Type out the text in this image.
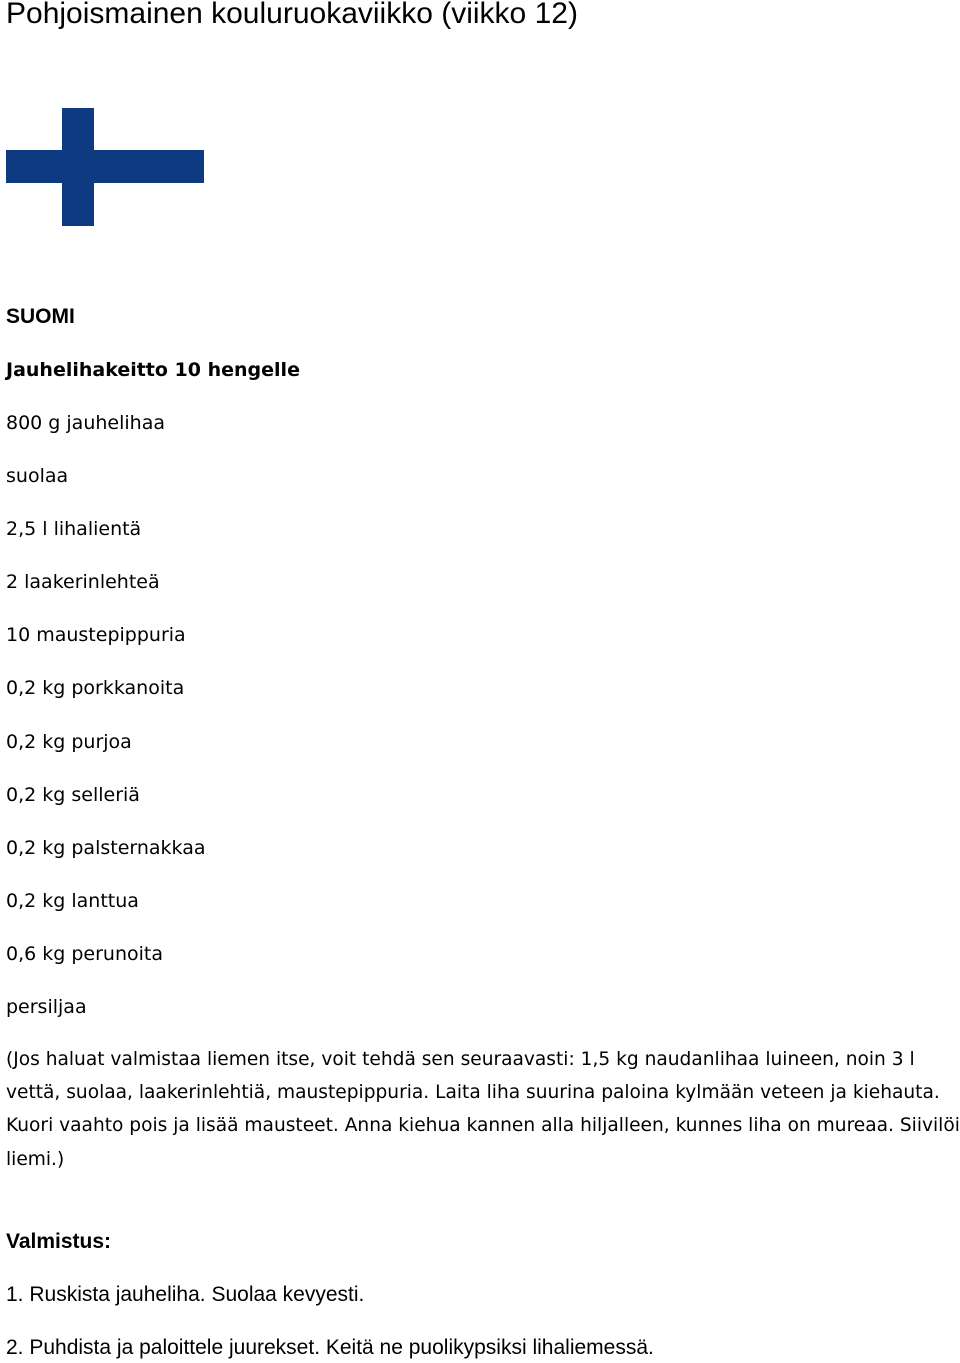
Pohjoismainen kouluruokaviikko (viikko 12)
SUOMI
Jauhelihakeitto 10 hengelle
800 g jauhelihaa
suolaa
2,5 l lihalientä
2 laakerinlehteä
10 maustepippuria
0,2 kg porkkanoita
0,2 kg purjoa
0,2 kg selleriä
0,2 kg palsternakkaa
0,2 kg lanttua
0,6 kg perunoita
persiljaa

(Jos haluat valmistaa liemen itse, voit tehdä sen seuraavasti: 1,5 kg naudanlihaa luineen, noin 3 l vettä, suolaa, laakerinlehtiä, maustepippuria. Laita liha suurina paloina kylmään veteen ja kiehauta. Kuori vaahto pois ja lisää mausteet. Anna kiehua kannen alla hiljalleen, kunnes liha on mureaa. Siivilöi liemi.)

Valmistus:

1. Ruskista jauheliha. Suolaa kevyesti.

2. Puhdista ja paloittele juurekset. Keitä ne puolikypsiksi lihaliemessä.
